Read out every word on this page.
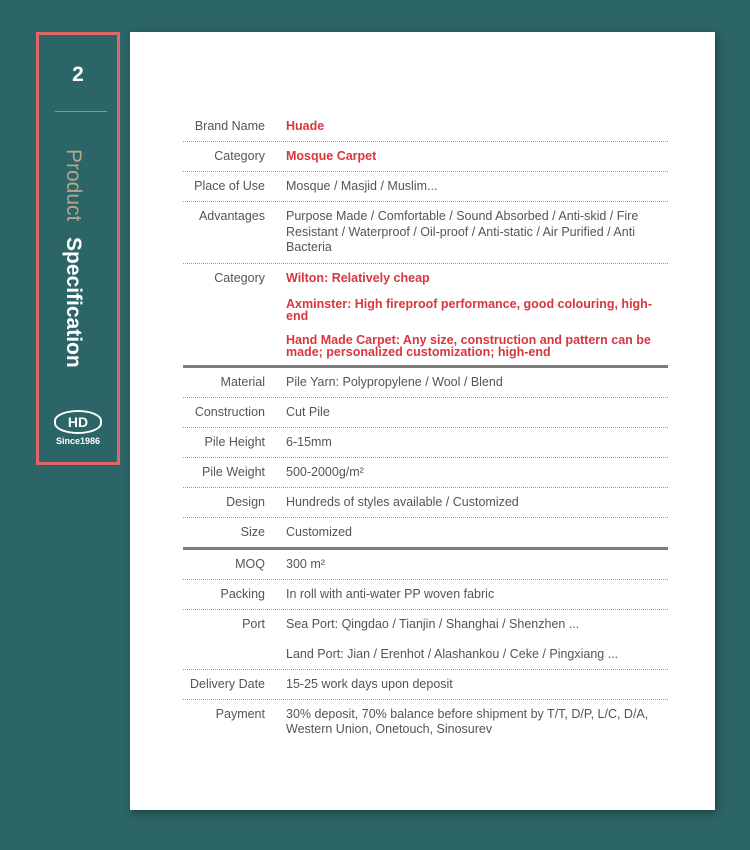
2
Product Specification
HD
Since1986
Brand Name Huade
Category Mosque Carpet
Place of Use Mosque / Masjid / Muslim...
Advantages Purpose Made / Comfortable / Sound Absorbed / Anti-skid / Fire Resistant / Waterproof / Oil-proof / Anti-static / Air Purified / Anti Bacteria
Category Wilton: Relatively cheap

Axminster: High fireproof performance, good colouring, high-end

Hand Made Carpet: Any size, construction and pattern can be made; personalized customization; high-end

Material Pile Yarn: Polypropylene / Wool / Blend
Construction Cut Pile
Pile Height 6-15mm
Pile Weight 500-2000g/m²
Design Hundreds of styles available / Customized
Size Customized
MOQ 300 m²
Packing In roll with anti-water PP woven fabric
Port Sea Port: Qingdao / Tianjin / Shanghai / Shenzhen ...

Land Port: Jian / Erenhot / Alashankou / Ceke / Pingxiang ...

Delivery Date 15-25 work days upon deposit
Payment 30% deposit, 70% balance before shipment by T/T, D/P, L/C, D/A, Western Union, Onetouch, Sinosurev
